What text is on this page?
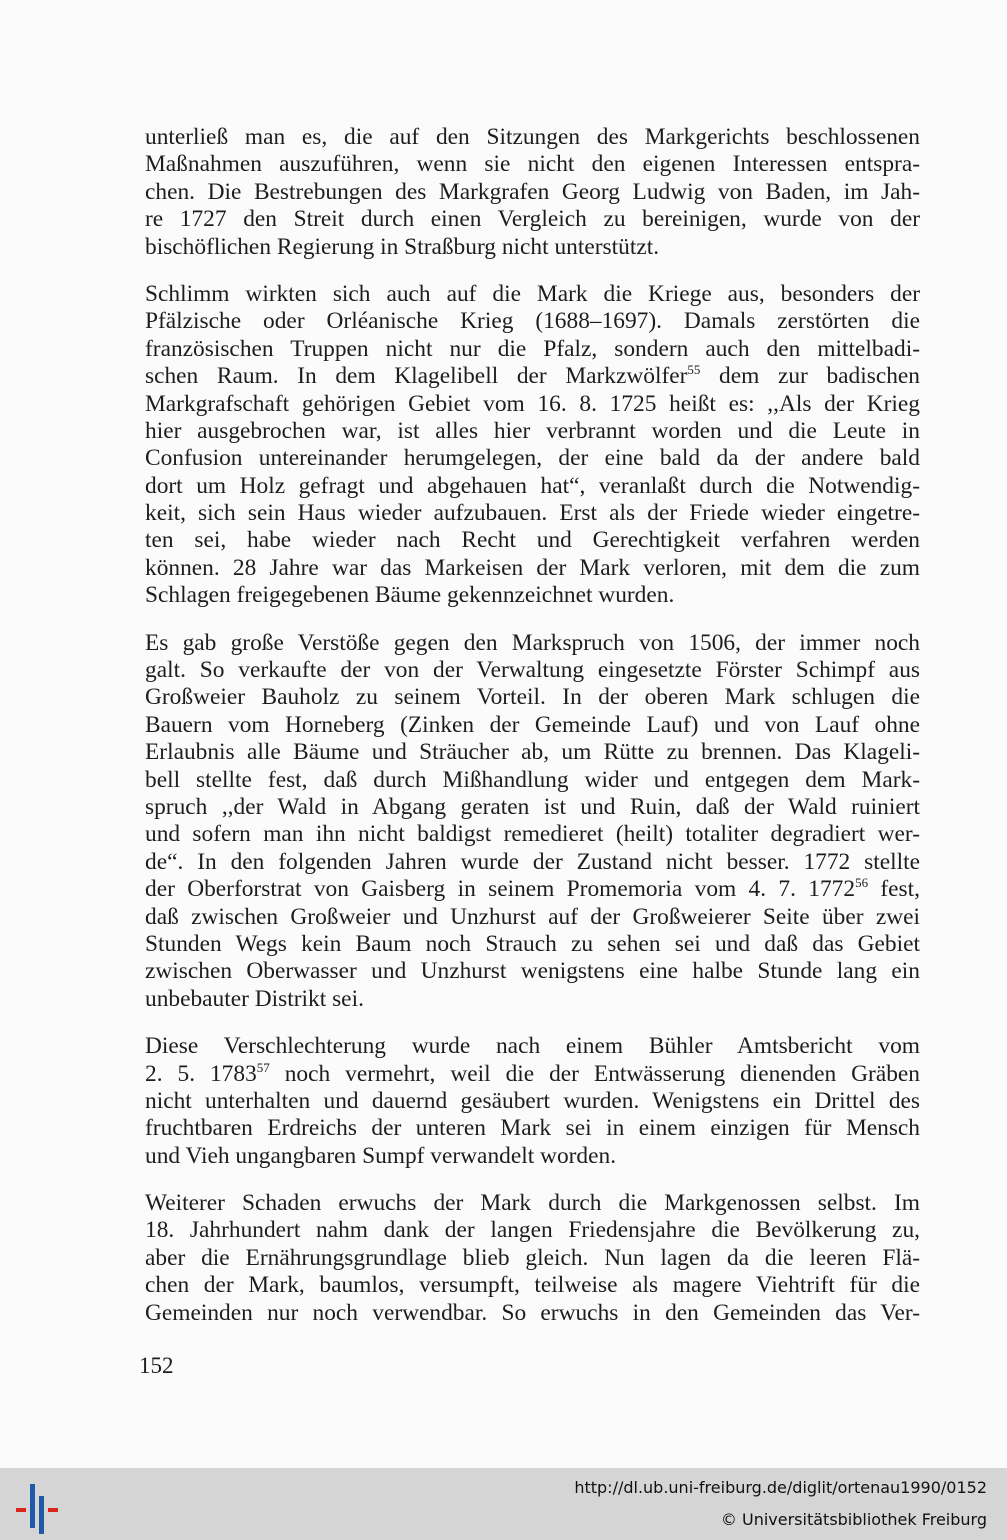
unterließ man es, die auf den Sitzungen des Markgerichts beschlossenen
Maßnahmen auszuführen, wenn sie nicht den eigenen Interessen entspra-
chen. Die Bestrebungen des Markgrafen Georg Ludwig von Baden, im Jah-
re 1727 den Streit durch einen Vergleich zu bereinigen, wurde von der
bischöflichen Regierung in Straßburg nicht unterstützt.

Schlimm wirkten sich auch auf die Mark die Kriege aus, besonders der
Pfälzische oder Orléanische Krieg (1688–1697). Damals zerstörten die
französischen Truppen nicht nur die Pfalz, sondern auch den mittelbadi-
schen Raum. In dem Klagelibell der Markzwölfer$^{55}$ dem zur badischen
Markgrafschaft gehörigen Gebiet vom 16. 8. 1725 heißt es: ,,Als der Krieg
hier ausgebrochen war, ist alles hier verbrannt worden und die Leute in
Confusion untereinander herumgelegen, der eine bald da der andere bald
dort um Holz gefragt und abgehauen hat“, veranlaßt durch die Notwendig-
keit, sich sein Haus wieder aufzubauen. Erst als der Friede wieder eingetre-
ten sei, habe wieder nach Recht und Gerechtigkeit verfahren werden
können. 28 Jahre war das Markeisen der Mark verloren, mit dem die zum
Schlagen freigegebenen Bäume gekennzeichnet wurden.

Es gab große Verstöße gegen den Markspruch von 1506, der immer noch
galt. So verkaufte der von der Verwaltung eingesetzte Förster Schimpf aus
Großweier Bauholz zu seinem Vorteil. In der oberen Mark schlugen die
Bauern vom Horneberg (Zinken der Gemeinde Lauf) und von Lauf ohne
Erlaubnis alle Bäume und Sträucher ab, um Rütte zu brennen. Das Klageli-
bell stellte fest, daß durch Mißhandlung wider und entgegen dem Mark-
spruch ,,der Wald in Abgang geraten ist und Ruin, daß der Wald ruiniert
und sofern man ihn nicht baldigst remedieret (heilt) totaliter degradiert wer-
de“. In den folgenden Jahren wurde der Zustand nicht besser. 1772 stellte
der Oberforstrat von Gaisberg in seinem Promemoria vom 4. 7. 1772$^{56}$ fest,
daß zwischen Großweier und Unzhurst auf der Großweierer Seite über zwei
Stunden Wegs kein Baum noch Strauch zu sehen sei und daß das Gebiet
zwischen Oberwasser und Unzhurst wenigstens eine halbe Stunde lang ein
unbebauter Distrikt sei.

Diese Verschlechterung wurde nach einem Bühler Amtsbericht vom
2. 5. 1783$^{57}$ noch vermehrt, weil die der Entwässerung dienenden Gräben
nicht unterhalten und dauernd gesäubert wurden. Wenigstens ein Drittel des
fruchtbaren Erdreichs der unteren Mark sei in einem einzigen für Mensch
und Vieh ungangbaren Sumpf verwandelt worden.

Weiterer Schaden erwuchs der Mark durch die Markgenossen selbst. Im
18. Jahrhundert nahm dank der langen Friedensjahre die Bevölkerung zu,
aber die Ernährungsgrundlage blieb gleich. Nun lagen da die leeren Flä-
chen der Mark, baumlos, versumpft, teilweise als magere Viehtrift für die
Gemeinden nur noch verwendbar. So erwuchs in den Gemeinden das Ver-

152
http://dl.ub.uni-freiburg.de/diglit/ortenau1990/0152
© Universitätsbibliothek Freiburg
